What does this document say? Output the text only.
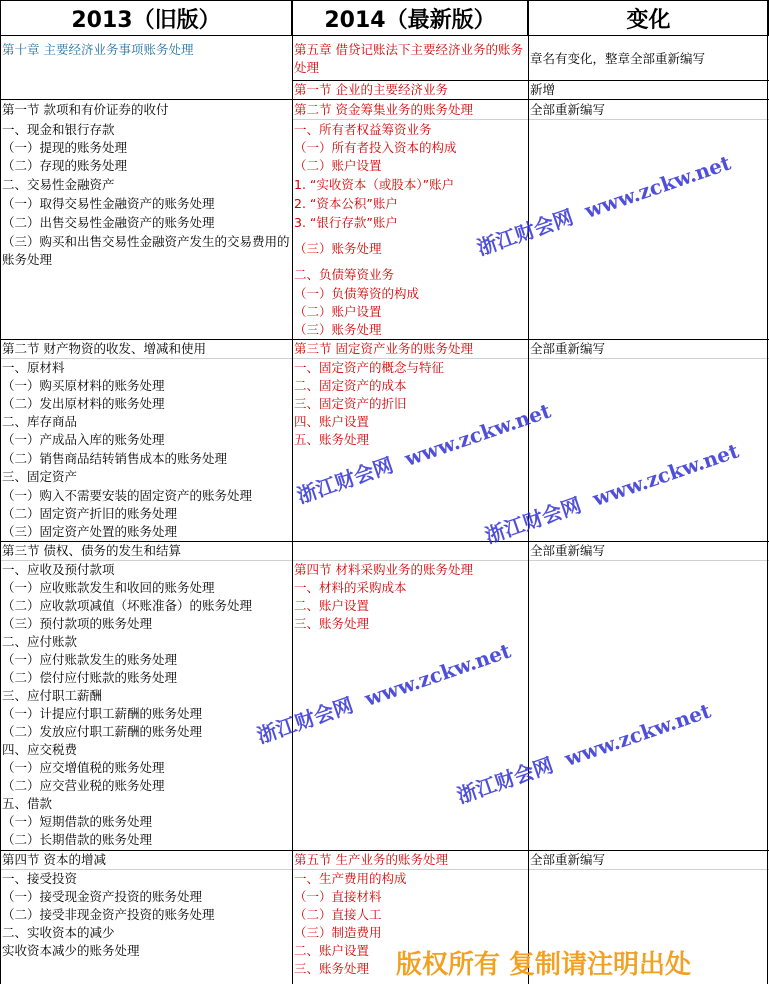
2013（旧版）
第十章 主要经济业务事项账务处理
第一节 款项和有价证券的收付
一、现金和银行存款
（一）提现的账务处理
（二）存现的账务处理
二、交易性金融资产
（一）取得交易性金融资产的账务处理
（二）出售交易性金融资产的账务处理
（三）购买和出售交易性金融资产发生的交易费用的账务处理
第二节 财产物资的收发、增减和使用
一、原材料
（一）购买原材料的账务处理
（二）发出原材料的账务处理
二、库存商品
（一）产成品入库的账务处理
（二）销售商品结转销售成本的账务处理
三、固定资产
（一）购入不需要安装的固定资产的账务处理
（二）固定资产折旧的账务处理
（三）固定资产处置的账务处理
第三节 债权、债务的发生和结算
一、应收及预付款项
（一）应收账款发生和收回的账务处理
（二）应收款项减值（坏账准备）的账务处理
（三）预付款项的账务处理
二、应付账款
（一）应付账款发生的账务处理
（二）偿付应付账款的账务处理
三、应付职工薪酬
（一）计提应付职工薪酬的账务处理
（二）发放应付职工薪酬的账务处理
四、应交税费
（一）应交增值税的账务处理
（二）应交营业税的账务处理
五、借款
（一）短期借款的账务处理
（二）长期借款的账务处理
第四节 资本的增减
一、接受投资
（一）接受现金资产投资的账务处理
（二）接受非现金资产投资的账务处理
二、实收资本的减少
实收资本减少的账务处理
2014（最新版）
第五章 借贷记账法下主要经济业务的账务处理
第一节 企业的主要经济业务
第二节 资金筹集业务的账务处理
一、所有者权益筹资业务
（一）所有者投入资本的构成
（二）账户设置
1. “实收资本（或股本）”账户
2. “资本公积”账户
3. “银行存款”账户
（三）账务处理
二、负债筹资业务
（一）负债筹资的构成
（二）账户设置
（三）账务处理
第三节 固定资产业务的账务处理
一、固定资产的概念与特征
二、固定资产的成本
三、固定资产的折旧
四、账户设置
五、账务处理
第四节 材料采购业务的账务处理
一、材料的采购成本
二、账户设置
三、账务处理
第五节 生产业务的账务处理
一、生产费用的构成
（一）直接材料
（二）直接人工
（三）制造费用
二、账户设置
三、账务处理
变化
章名有变化，整章全部重新编写
新增
全部重新编写
全部重新编写
全部重新编写
全部重新编写
浙江财会网  www.zckw.net
浙江财会网  www.zckw.net
浙江财会网  www.zckw.net
浙江财会网  www.zckw.net
浙江财会网  www.zckw.net
版权所有 复制请注明出处
